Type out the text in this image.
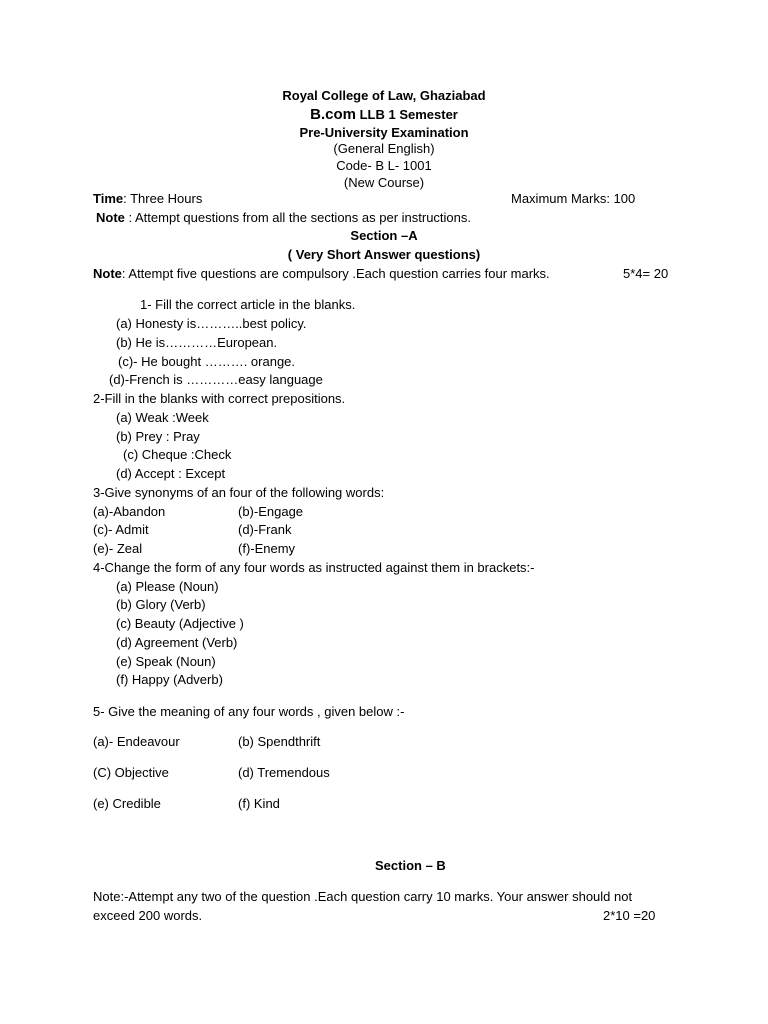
Royal College of Law, Ghaziabad
B.com LLB 1 Semester
Pre-University Examination
(General English)
Code- B L- 1001
(New Course)
Time: Three Hours	Maximum Marks: 100
Note : Attempt questions from all the sections as per instructions.
Section –A
( Very Short Answer questions)
Note: Attempt five questions are compulsory .Each question carries four marks.	5*4= 20
1- Fill the correct article in the blanks.
(a) Honesty is………..best policy.
(b) He is…………European.
(c)- He bought ………. orange.
(d)-French is …………easy language
2-Fill in the blanks with correct prepositions.
(a) Weak :Week
(b) Prey : Pray
(c) Cheque :Check
(d) Accept : Except
3-Give synonyms of an four of the following words:
(a)-Abandon	(b)-Engage
(c)- Admit	(d)-Frank
(e)- Zeal	(f)-Enemy
4-Change the form of any four words as instructed against them in brackets:-
(a) Please (Noun)
(b) Glory (Verb)
(c) Beauty (Adjective )
(d) Agreement (Verb)
(e) Speak (Noun)
(f) Happy (Adverb)
5- Give the meaning of any four words , given below :-
(a)- Endeavour	(b) Spendthrift
(C) Objective	(d) Tremendous
(e) Credible	(f) Kind
Section – B
Note:-Attempt any two of the question .Each question carry 10 marks. Your answer should not
exceed 200 words.	2*10 =20
